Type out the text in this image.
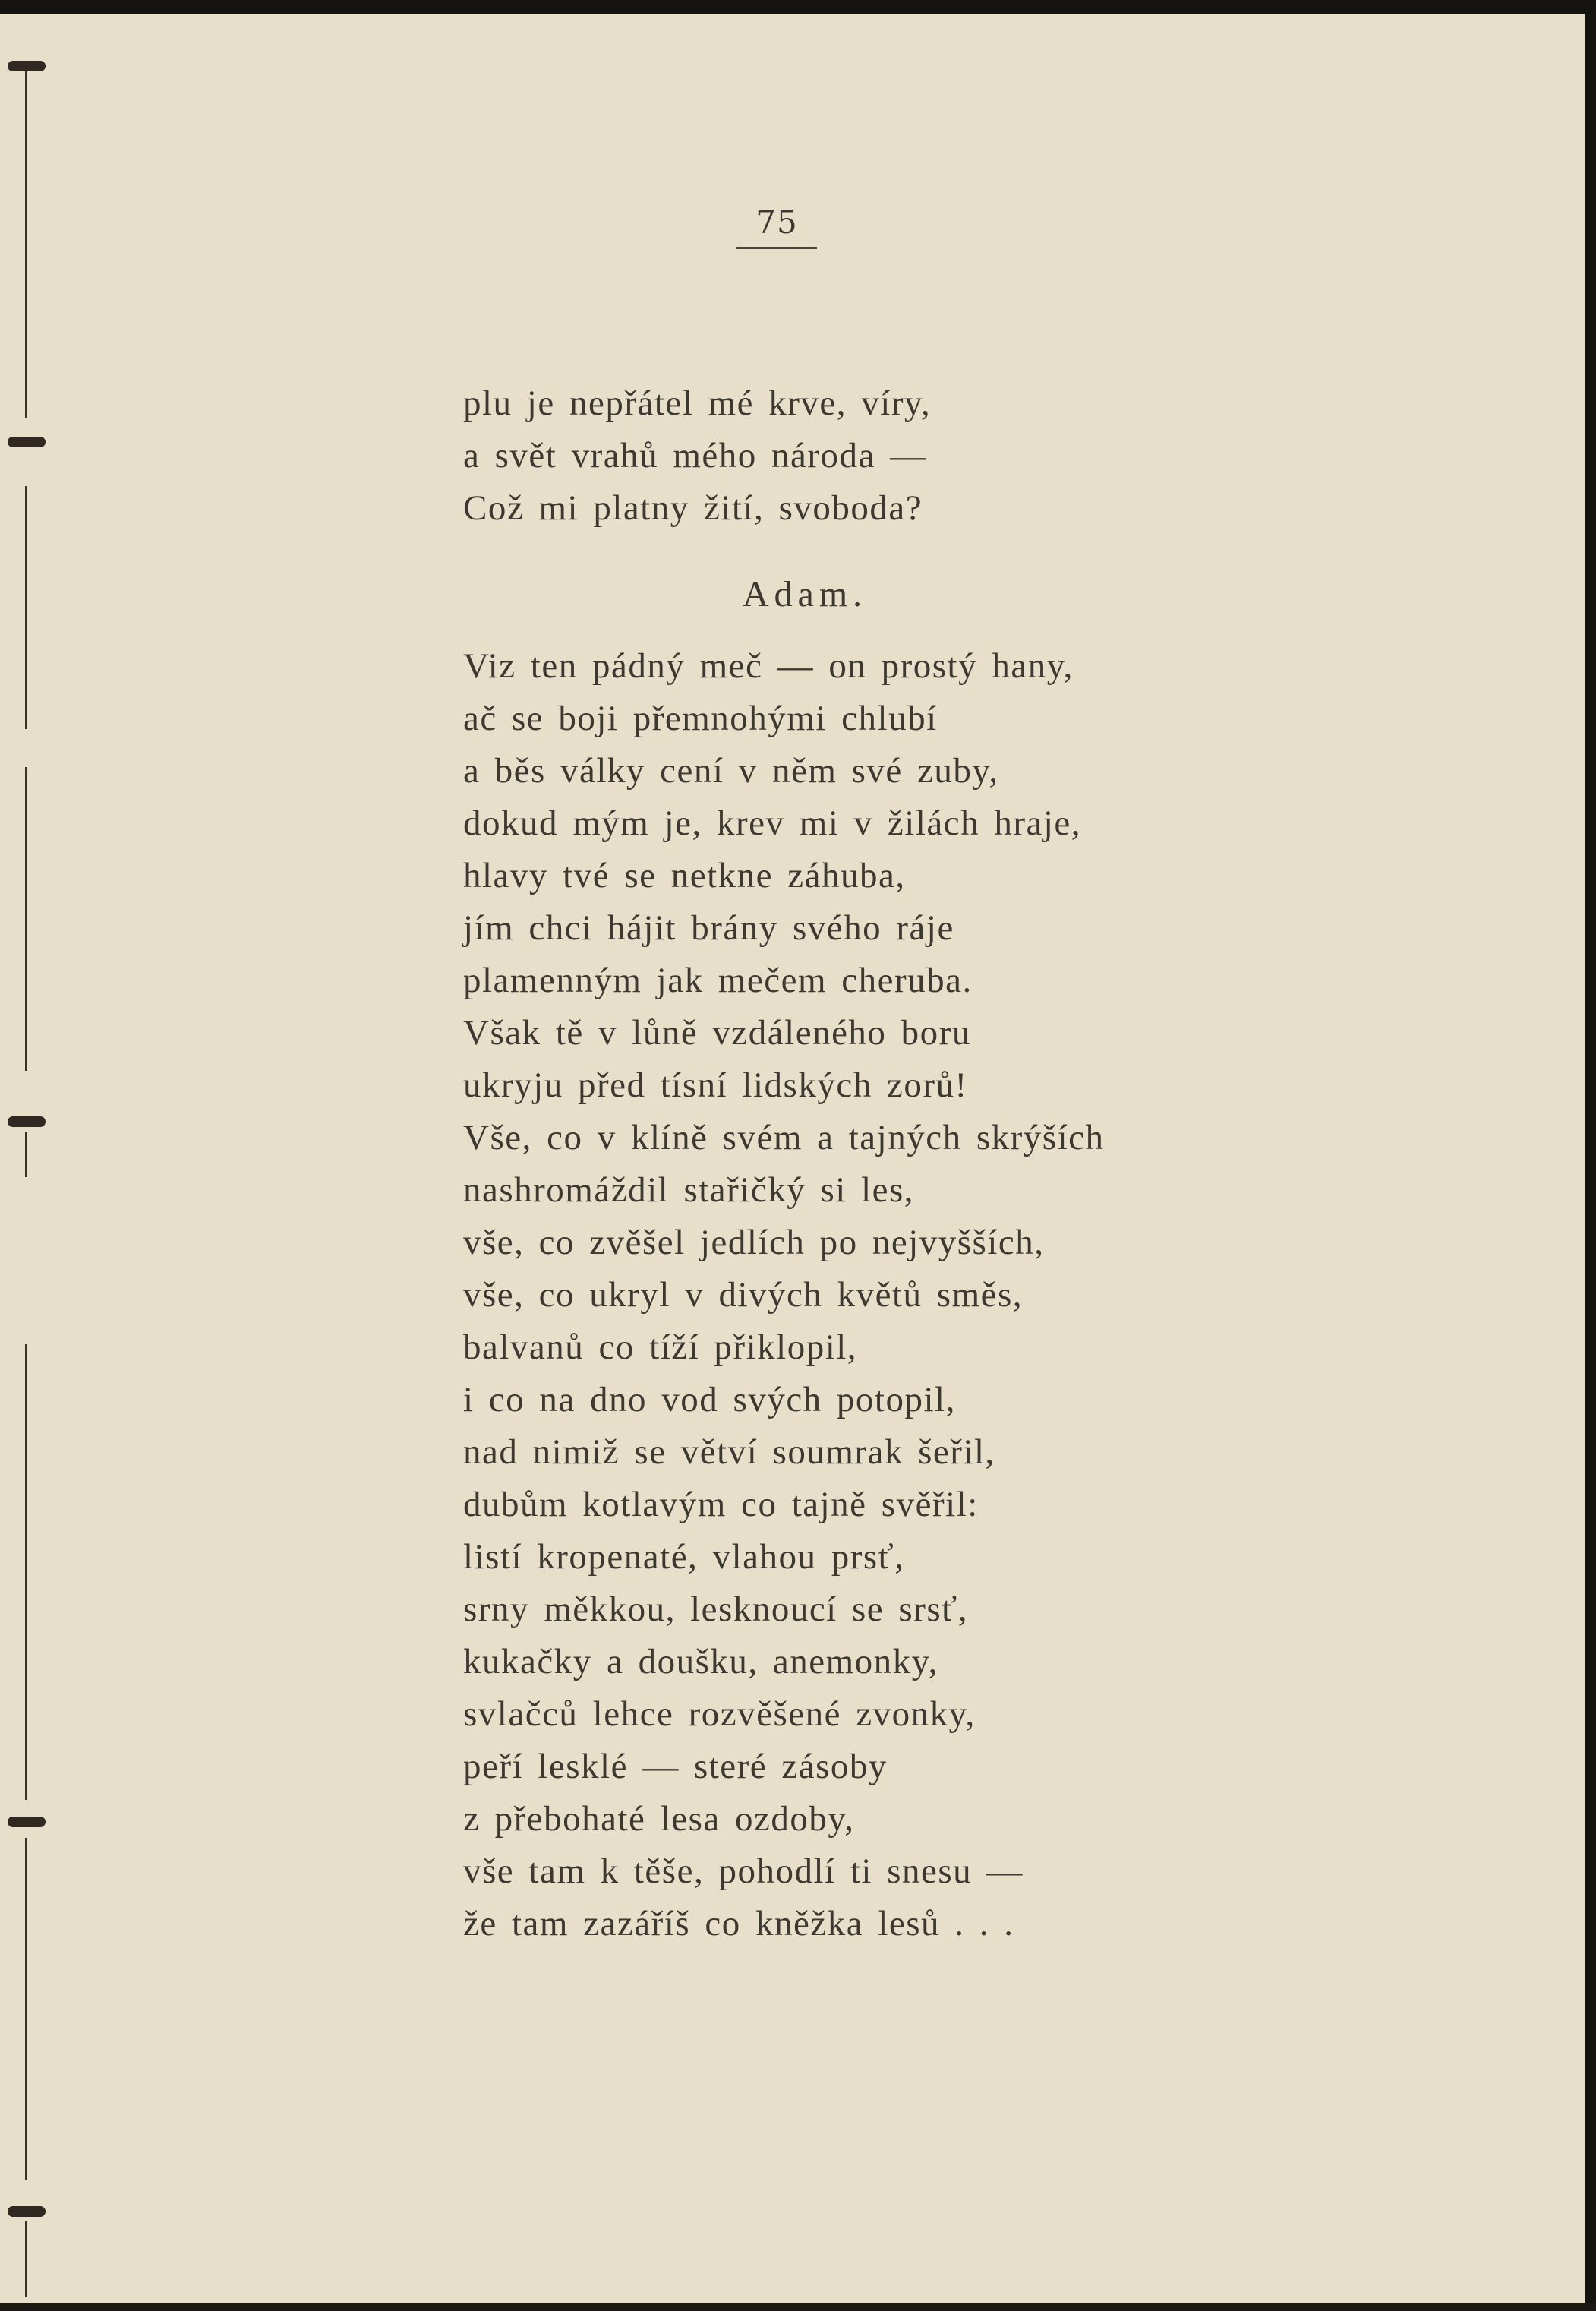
75
plu je nepřátel mé krve, víry,
a svět vrahů mého národa —
Což mi platny žití, svoboda?
Adam.
Viz ten pádný meč — on prostý hany,
ač se boji přemnohými chlubí
a běs války cení v něm své zuby,
dokud mým je, krev mi v žilách hraje,
hlavy tvé se netkne záhuba,
jím chci hájit brány svého ráje
plamenným jak mečem cheruba.
Však tě v lůně vzdáleného boru
ukryju před tísní lidských zorů!
Vše, co v klíně svém a tajných skrýších
nashromáždil stařičký si les,
vše, co zvěšel jedlích po nejvyšších,
vše, co ukryl v divých květů směs,
balvanů co tíží přiklopil,
i co na dno vod svých potopil,
nad nimiž se větví soumrak šeřil,
dubům kotlavým co tajně svěřil:
listí kropenaté, vlahou prsť,
srny měkkou, lesknoucí se srsť,
kukačky a doušku, anemonky,
svlačců lehce rozvěšené zvonky,
peří lesklé — steré zásoby
z přebohaté lesa ozdoby,
vše tam k těše, pohodlí ti snesu —
že tam zazáříš co kněžka lesů . . .
